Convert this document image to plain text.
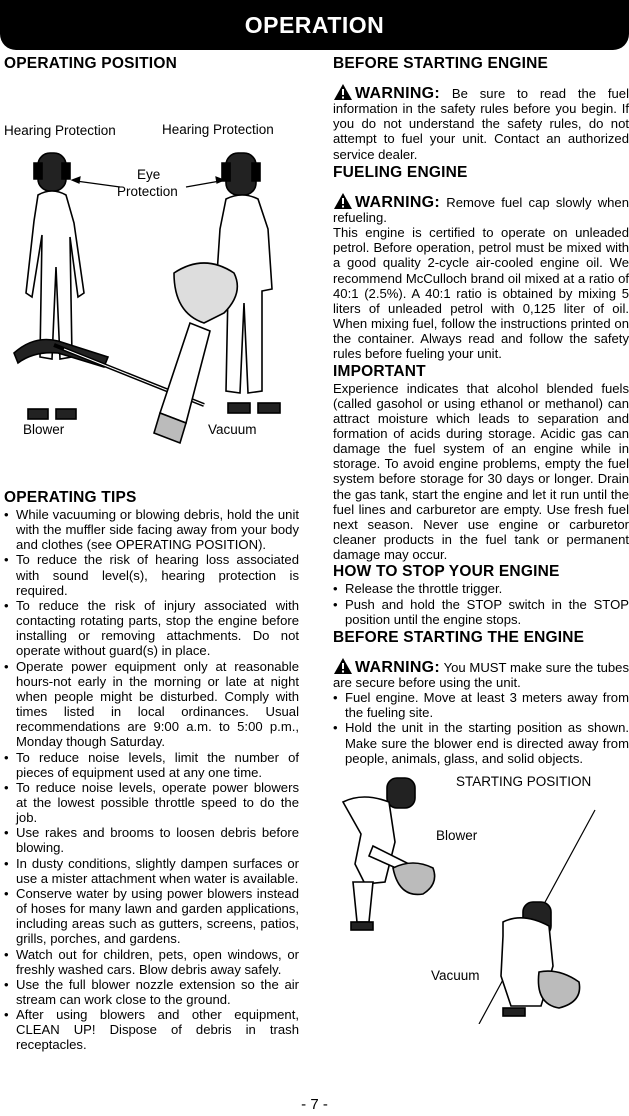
OPERATION
OPERATING POSITION
Hearing Protection	Hearing Protection
Eye
Protection
Blower	Vacuum
OPERATING TIPS
• While vacuuming or blowing debris, hold the unit with the muffler side facing away from your body and clothes (see OPERATING POSITION).
• To reduce the risk of hearing loss associated with sound level(s), hearing protection is required.
• To reduce the risk of injury associated with contacting rotating parts, stop the engine before installing or removing attachments. Do not operate without guard(s) in place.
• Operate power equipment only at reasonable hours-not early in the morning or late at night when people might be disturbed. Comply with times listed in local ordinances. Usual recommendations are 9:00 a.m. to 5:00 p.m., Monday though Saturday.
• To reduce noise levels, limit the number of pieces of equipment used at any one time.
• To reduce noise levels, operate power blowers at the lowest possible throttle speed to do the job.
• Use rakes and brooms to loosen debris before blowing.
• In dusty conditions, slightly dampen surfaces or use a mister attachment when water is available.
• Conserve water by using power blowers instead of hoses for many lawn and garden applications, including areas such as gutters, screens, patios, grills, porches, and gardens.
• Watch out for children, pets, open windows, or freshly washed cars. Blow debris away safely.
• Use the full blower nozzle extension so the air stream can work close to the ground.
• After using blowers and other equipment, CLEAN UP! Dispose of debris in trash receptacles.
BEFORE STARTING ENGINE

WARNING: Be sure to read the fuel information in the safety rules before you begin. If you do not understand the safety rules, do not attempt to fuel your unit. Contact an authorized service dealer.

FUELING ENGINE

WARNING: Remove fuel cap slowly when refueling.

This engine is certified to operate on unleaded petrol. Before operation, petrol must be mixed with a good quality 2-cycle air-cooled engine oil. We recommend McCulloch brand oil mixed at a ratio of 40:1 (2.5%). A 40:1 ratio is obtained by mixing 5 liters of unleaded petrol with 0,125 liter of oil. When mixing fuel, follow the instructions printed on the container. Always read and follow the safety rules before fueling your unit.

IMPORTANT

Experience indicates that alcohol blended fuels (called gasohol or using ethanol or methanol) can attract moisture which leads to separation and formation of acids during storage. Acidic gas can damage the fuel system of an engine while in storage. To avoid engine problems, empty the fuel system before storage for 30 days or longer. Drain the gas tank, start the engine and let it run until the fuel lines and carburetor are empty. Use fresh fuel next season. Never use engine or carburetor cleaner products in the fuel tank or permanent damage may occur.

HOW TO STOP YOUR ENGINE
• Release the throttle trigger.
• Push and hold the STOP switch in the STOP position until the engine stops.
BEFORE STARTING THE ENGINE

WARNING: You MUST make sure the tubes are secure before using the unit.

• Fuel engine. Move at least 3 meters away from the fueling site.
• Hold the unit in the starting position as shown. Make sure the blower end is directed away from people, animals, glass, and solid objects.
STARTING POSITION
Blower
Vacuum
- 7 -
